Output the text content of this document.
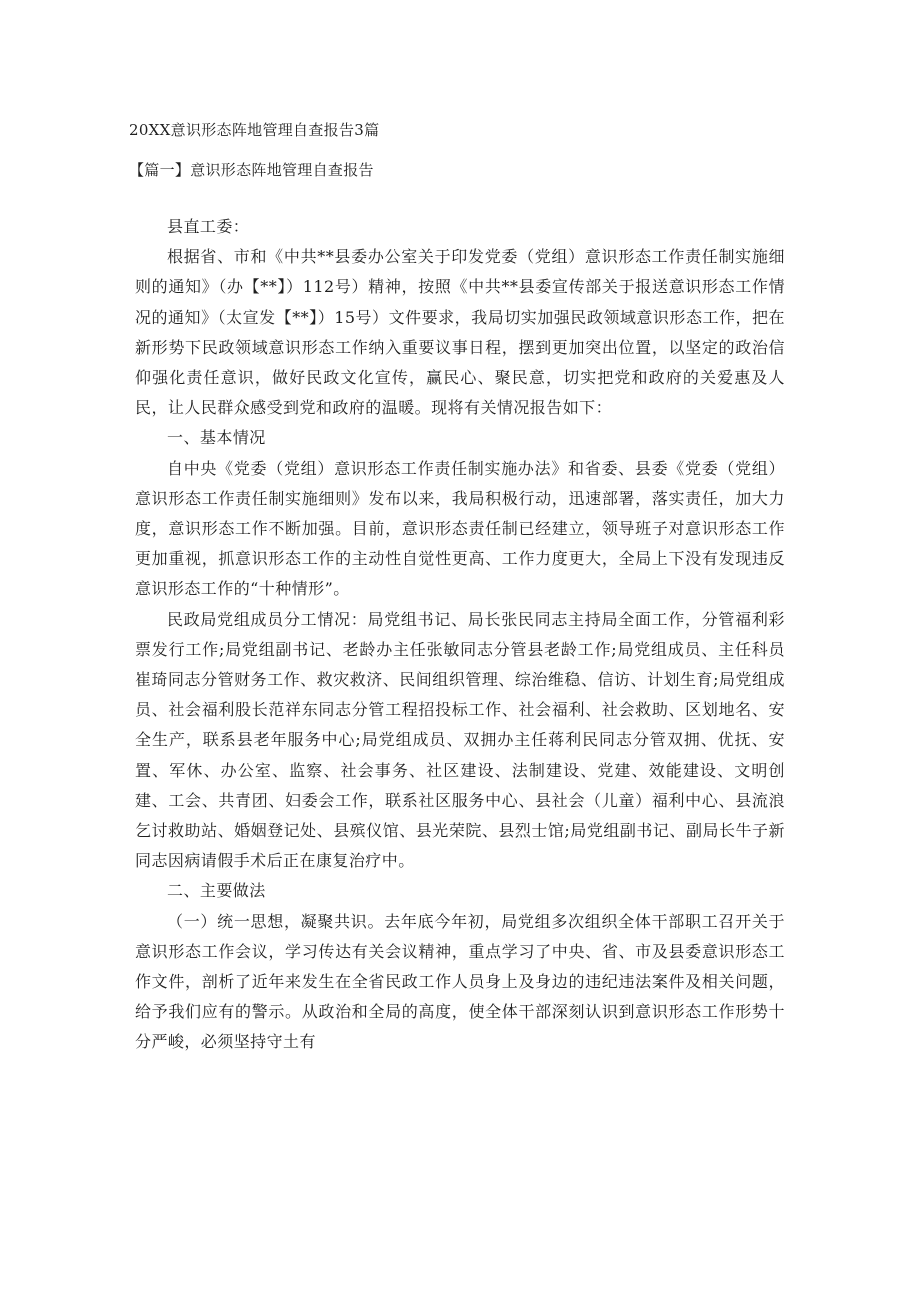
20XX意识形态阵地管理自查报告3篇
【篇一】意识形态阵地管理自查报告

县直工委：

根据省、市和《中共**县委办公室关于印发党委（党组）意识形态工作责任制实施细则的通知》（办【**】）112号）精神，按照《中共**县委宣传部关于报送意识形态工作情况的通知》（太宣发【**】）15号）文件要求，我局切实加强民政领域意识形态工作，把在新形势下民政领域意识形态工作纳入重要议事日程，摆到更加突出位置，以坚定的政治信仰强化责任意识，做好民政文化宣传，赢民心、聚民意，切实把党和政府的关爱惠及人民，让人民群众感受到党和政府的温暖。现将有关情况报告如下：

一、基本情况

自中央《党委（党组）意识形态工作责任制实施办法》和省委、县委《党委（党组）意识形态工作责任制实施细则》发布以来，我局积极行动，迅速部署，落实责任，加大力度，意识形态工作不断加强。目前，意识形态责任制已经建立，领导班子对意识形态工作更加重视，抓意识形态工作的主动性自觉性更高、工作力度更大，全局上下没有发现违反意识形态工作的“十种情形”。

民政局党组成员分工情况：局党组书记、局长张民同志主持局全面工作，分管福利彩票发行工作;局党组副书记、老龄办主任张敏同志分管县老龄工作;局党组成员、主任科员崔琦同志分管财务工作、救灾救济、民间组织管理、综治维稳、信访、计划生育;局党组成员、社会福利股长范祥东同志分管工程招投标工作、社会福利、社会救助、区划地名、安全生产，联系县老年服务中心;局党组成员、双拥办主任蒋利民同志分管双拥、优抚、安置、军休、办公室、监察、社会事务、社区建设、法制建设、党建、效能建设、文明创建、工会、共青团、妇委会工作，联系社区服务中心、县社会（儿童）福利中心、县流浪乞讨救助站、婚姻登记处、县殡仪馆、县光荣院、县烈士馆;局党组副书记、副局长牛子新同志因病请假手术后正在康复治疗中。

二、主要做法

（一）统一思想，凝聚共识。去年底今年初，局党组多次组织全体干部职工召开关于意识形态工作会议，学习传达有关会议精神，重点学习了中央、省、市及县委意识形态工作文件，剖析了近年来发生在全省民政工作人员身上及身边的违纪违法案件及相关问题，给予我们应有的警示。从政治和全局的高度，使全体干部深刻认识到意识形态工作形势十分严峻，必须坚持守土有
